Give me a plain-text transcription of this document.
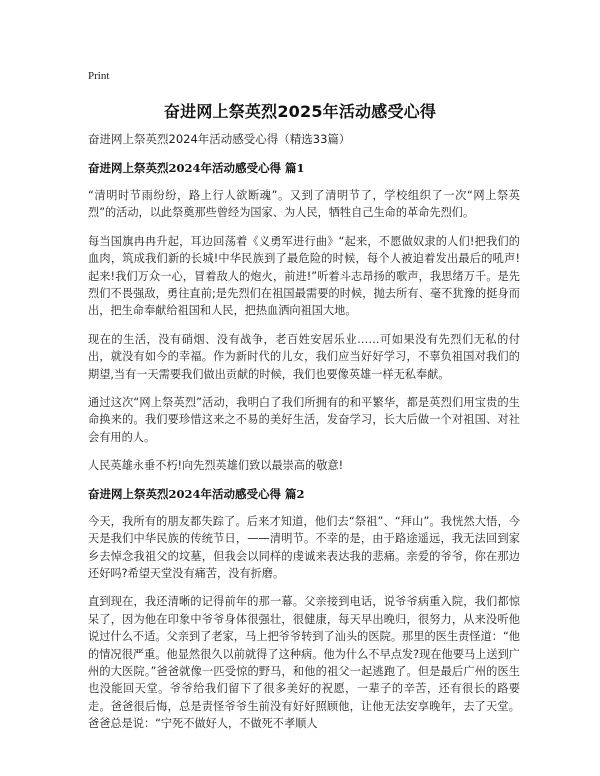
Print
奋进网上祭英烈2025年活动感受心得
奋进网上祭英烈2024年活动感受心得（精选33篇）
奋进网上祭英烈2024年活动感受心得 篇1

“清明时节雨纷纷，路上行人欲断魂”。又到了清明节了，学校组织了一次“网上祭英烈”的活动，以此祭奠那些曾经为国家、为人民，牺牲自己生命的革命先烈们。

每当国旗冉冉升起，耳边回荡着《义勇军进行曲》“起来，不愿做奴隶的人们!把我们的血肉，筑成我们新的长城!中华民族到了最危险的时候，每个人被迫着发出最后的吼声!起来!我们万众一心，冒着敌人的炮火，前进!”听着斗志昂扬的歌声，我思绪万千。是先烈们不畏强敌，勇往直前;是先烈们在祖国最需要的时候，抛去所有、毫不犹豫的挺身而出，把生命奉献给祖国和人民，把热血洒向祖国大地。

现在的生活，没有硝烟、没有战争，老百姓安居乐业……可如果没有先烈们无私的付出，就没有如今的幸福。作为新时代的儿女，我们应当好好学习，不辜负祖国对我们的期望,当有一天需要我们做出贡献的时候，我们也要像英雄一样无私奉献。

通过这次“网上祭英烈”活动，我明白了我们所拥有的和平繁华，都是英烈们用宝贵的生命换来的。我们要珍惜这来之不易的美好生活，发奋学习，长大后做一个对祖国、对社会有用的人。

人民英雄永垂不朽!向先烈英雄们致以最崇高的敬意!

奋进网上祭英烈2024年活动感受心得 篇2

今天，我所有的朋友都失踪了。后来才知道，他们去“祭祖”、“拜山”。我恍然大悟，今天是我们中华民族的传统节日，——清明节。不幸的是，由于路途遥远，我无法回到家乡去悼念我祖父的坟墓，但我会以同样的虔诚来表达我的悲痛。亲爱的爷爷，你在那边还好吗?希望天堂没有痛苦，没有折磨。

直到现在，我还清晰的记得前年的那一幕。父亲接到电话，说爷爷病重入院，我们都惊呆了，因为他在印象中爷爷身体很强壮，很健康，每天早出晚归，很努力，从来没听他说过什么不适。父亲到了老家，马上把爷爷转到了汕头的医院。那里的医生责怪道：“他的情况很严重。他显然很久以前就得了这种病。他为什么不早点发?现在他要马上送到广州的大医院。”爸爸就像一匹受惊的野马，和他的祖父一起逃跑了。但是最后广州的医生也没能回天堂。爷爷给我们留下了很多美好的祝愿，一辈子的辛苦，还有很长的路要走。爸爸很后悔，总是责怪爷爷生前没有好好照顾他，让他无法安享晚年，去了天堂。爸爸总是说：“宁死不做好人，不做死不孝顺人
